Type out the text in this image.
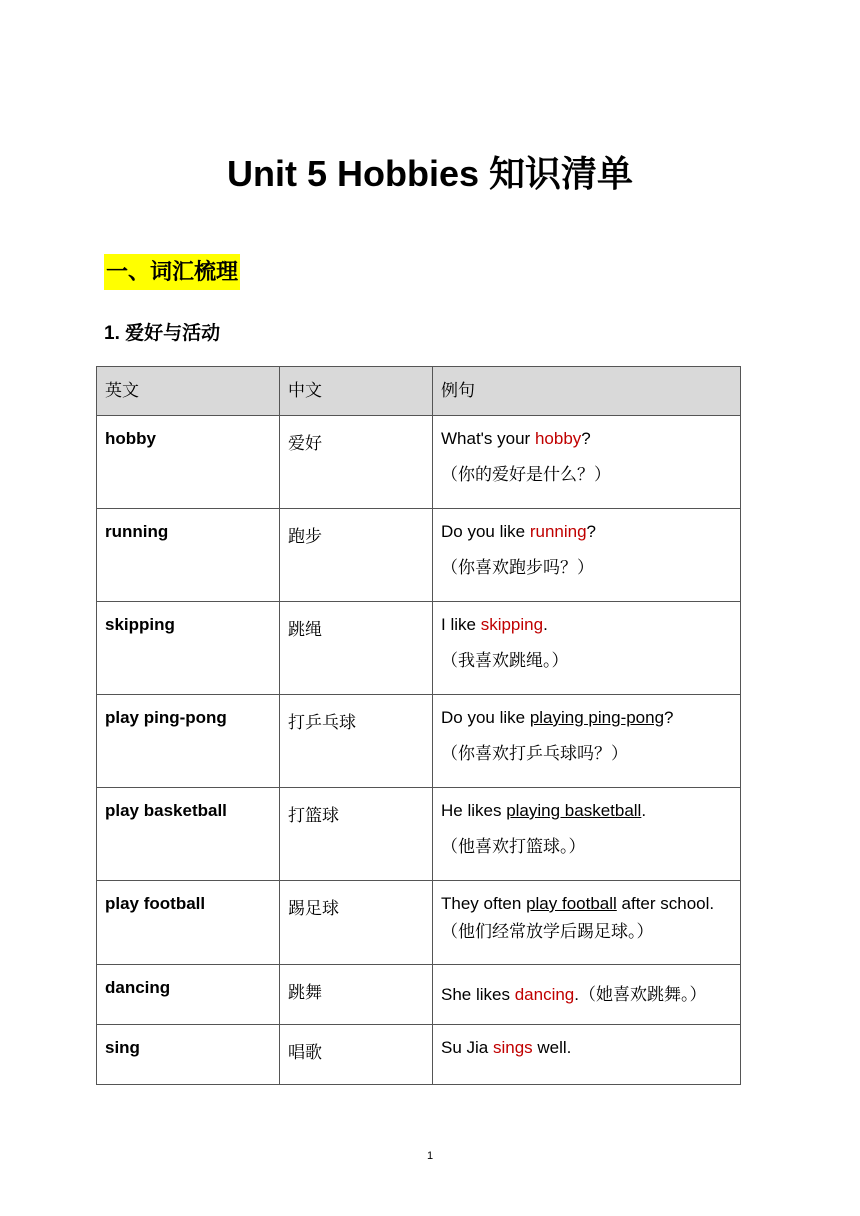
Unit 5 Hobbies 知识清单
一、词汇梳理
1. 爱好与活动
英文	中文	例句
hobby	爱好	What's your hobby?
（你的爱好是什么？）

running	跑步	Do you like running?
（你喜欢跑步吗？）

skipping	跳绳	I like skipping.
（我喜欢跳绳。）

play ping-pong	打乒乓球	Do you like playing ping-pong?
（你喜欢打乒乓球吗？）

play basketball	打篮球	He likes playing basketball.
（他喜欢打篮球。）

play football	踢足球	They often play football after school.
（他们经常放学后踢足球。）

dancing	跳舞	She likes dancing.（她喜欢跳舞。）
sing	唱歌	Su Jia sings well.

1
